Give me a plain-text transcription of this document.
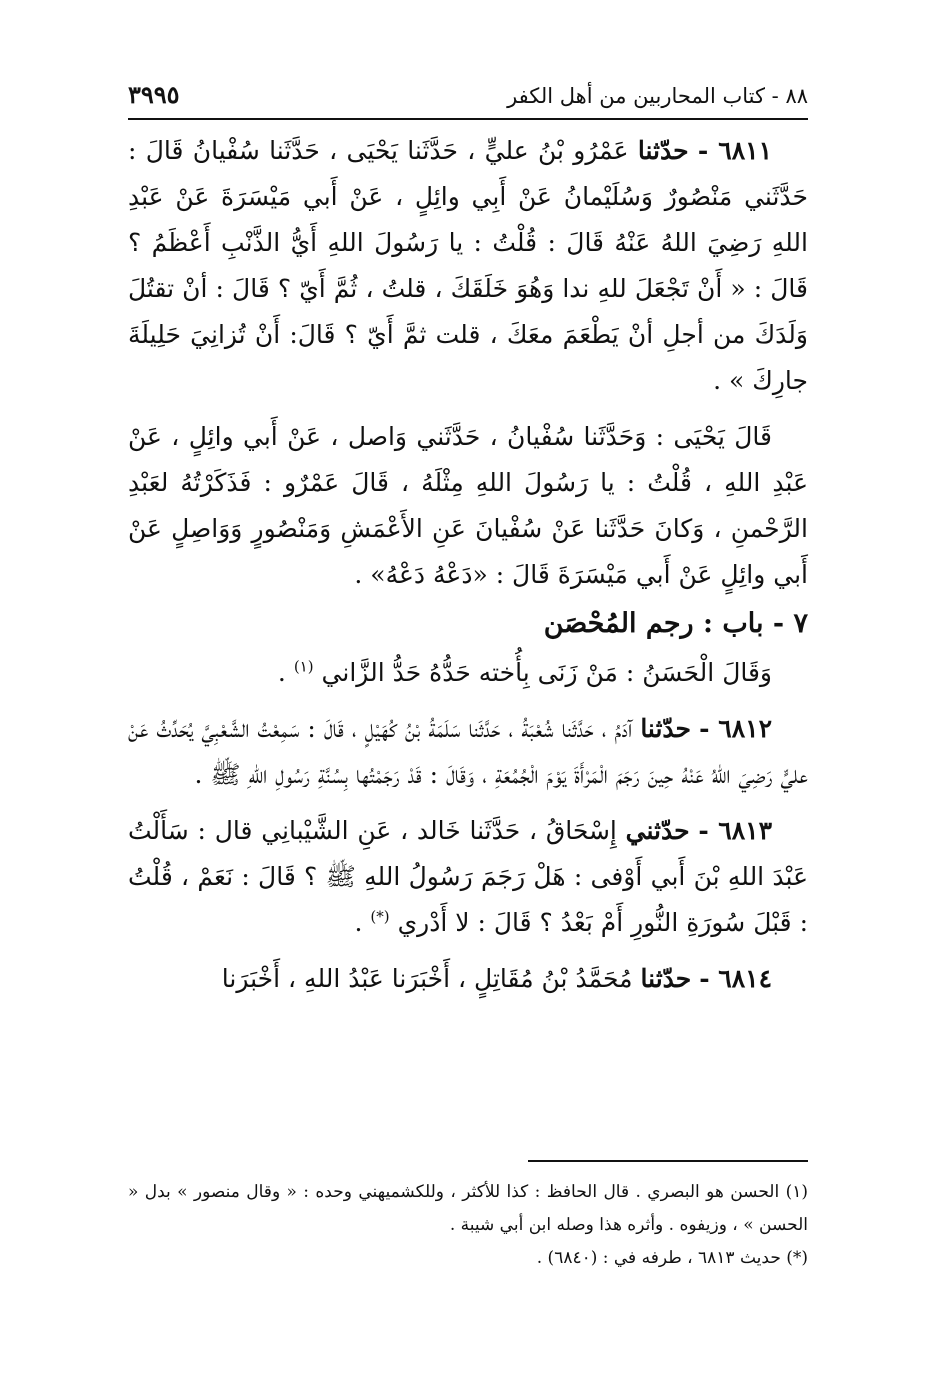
٨٨ - كتاب المحاربين من أهل الكفر
٣٩٩٥

٦٨١١ - حدّثنا عَمْرُو بْنُ عليٍّ ، حَدَّثَنا يَحْيَى ، حَدَّثَنا سُفْيانُ قَالَ : حَدَّثَني مَنْصُورٌ وَسُلَيْمانُ عَنْ أَبِي وائِلٍ ، عَنْ أَبي مَيْسَرَةَ عَنْ عَبْدِ اللهِ رَضِيَ اللهُ عَنْهُ قَالَ : قُلْتُ : يا رَسُولَ اللهِ أَيُّ الذَّنْبِ أَعْظَمُ ؟ قَالَ : « أَنْ تَجْعَلَ للهِ ندا وَهُوَ خَلَقَكَ ، قلتُ ، ثُمَّ أَيّ ؟ قَالَ : أنْ تقتُلَ وَلَدَكَ من أجلِ أنْ يَطْعَمَ معَكَ ، قلت ثمَّ أَيّ ؟ قَالَ: أَنْ تُزانِيَ حَلِيلَةَ جارِكَ » .

قَالَ يَحْيَى : وَحَدَّثَنا سُفْيانُ ، حَدَّثَني وَاصل ، عَنْ أَبي وائِلٍ ، عَنْ عَبْدِ اللهِ ، قُلْتُ : يا رَسُولَ اللهِ مِثْلَهُ ، قَالَ عَمْرٌو : فَذَكَرْتُهُ لعَبْدِ الرَّحْمنِ ، وَكانَ حَدَّثَنا عَنْ سُفْيانَ عَنِ الأَعْمَشِ وَمَنْصُورٍ وَوَاصِلٍ عَنْ أَبي وائِلٍ عَنْ أَبي مَيْسَرَةَ قَالَ : «دَعْهُ دَعْهُ» .

٧ - باب : رجم المُحْصَن

وَقَالَ الْحَسَنُ : مَنْ زَنَى بِأُخته حَدُّهُ حَدُّ الزَّاني $^{(١)}$ .

٦٨١٢ - حدّثنا آدَمُ ، حَدَّثَنا شُعْبَةُ ، حَدَّثَنا سَلَمَةُ بْنُ كُهَيْلٍ ، قَالَ : سَمِعْتُ الشَّعْبِيَّ يُحَدِّثُ عَنْ عليٍّ رَضِيَ اللهُ عَنْهُ حِينَ رَجَمَ الْمَرْأَةَ يَوْمَ الْجُمُعَةِ ، وَقَالَ : قَدْ رَجَمْتُها بِسُنَّةِ رَسُولِ اللهِ ﷺ .

٦٨١٣ - حدّثني إِسْحَاقُ ، حَدَّثَنا خَالد ، عَنِ الشَّيْبانِي قال : سَأَلْتُ عَبْدَ اللهِ بْنَ أَبي أَوْفى : هَلْ رَجَمَ رَسُولُ اللهِ ﷺ ؟ قَالَ : نَعَمْ ، قُلْتُ : قَبْلَ سُورَةِ النُّورِ أَمْ بَعْدُ ؟ قَالَ : لا أَدْري (*) .

٦٨١٤ - حدّثنا مُحَمَّدُ بْنُ مُقَاتِلٍ ، أَخْبَرَنا عَبْدُ اللهِ ، أَخْبَرَنا

(١) الحسن هو البصري . قال الحافظ : كذا للأكثر ، وللكشميهني وحده : « وقال منصور » بدل « الحسن » ، وزيفوه . وأثره هذا وصله ابن أبي شيبة .

(*) حديث ٦٨١٣ ، طرفه في : (٦٨٤٠) .
